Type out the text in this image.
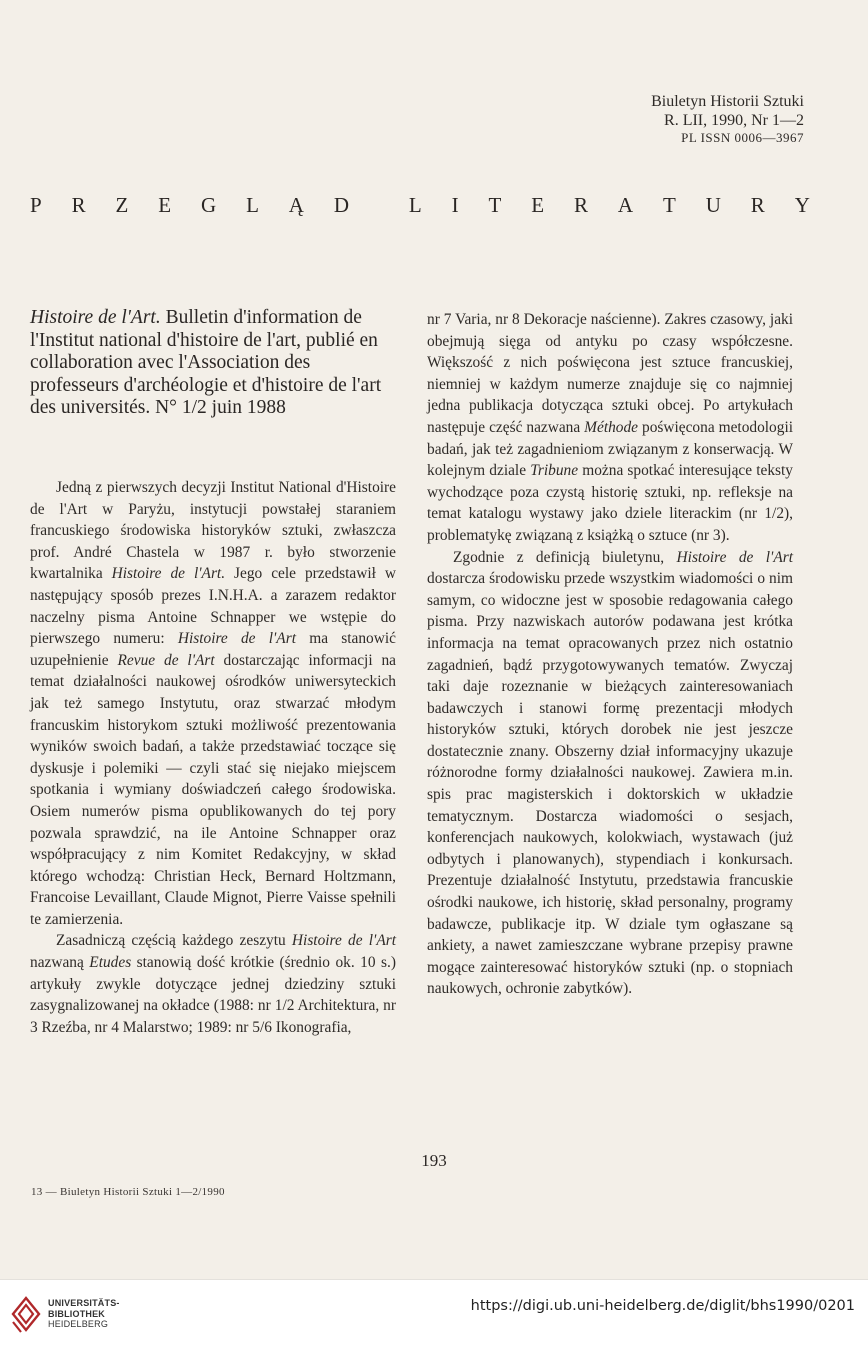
Biuletyn Historii Sztuki
R. LII, 1990, Nr 1—2
PL ISSN 0006—3967
P R Z E G L Ą D	L I T E R A T U R Y
Histoire de l'Art. Bulletin d'information de l'Institut national d'histoire de l'art, publié en collaboration avec l'Association des professeurs d'archéologie et d'histoire de l'art des universités. N° 1/2 juin 1988

Jedną z pierwszych decyzji Institut National d'Histoire de l'Art w Paryżu, instytucji powstałej staraniem francuskiego środowiska historyków sztuki, zwłaszcza prof. André Chastela w 1987 r. było stworzenie kwartalnika Histoire de l'Art. Jego cele przedstawił w następujący sposób prezes I.N.H.A. a zarazem redaktor naczelny pisma Antoine Schnapper we wstępie do pierwszego numeru: Histoire de l'Art ma stanowić uzupełnienie Revue de l'Art dostarczając informacji na temat działalności naukowej ośrodków uniwersyteckich jak też samego Instytutu, oraz stwarzać młodym francuskim historykom sztuki możliwość prezentowania wyników swoich badań, a także przedstawiać toczące się dyskusje i polemiki — czyli stać się niejako miejscem spotkania i wymiany doświadczeń całego środowiska. Osiem numerów pisma opublikowanych do tej pory pozwala sprawdzić, na ile Antoine Schnapper oraz współpracujący z nim Komitet Redakcyjny, w skład którego wchodzą: Christian Heck, Bernard Holtzmann, Francoise Levaillant, Claude Mignot, Pierre Vaisse spełnili te zamierzenia.

Zasadniczą częścią każdego zeszytu Histoire de l'Art nazwaną Etudes stanowią dość krótkie (średnio ok. 10 s.) artykuły zwykle dotyczące jednej dziedziny sztuki zasygnalizowanej na okładce (1988: nr 1/2 Architektura, nr 3 Rzeźba, nr 4 Malarstwo; 1989: nr 5/6 Ikonografia,

nr 7 Varia, nr 8 Dekoracje naścienne). Zakres czasowy, jaki obejmują sięga od antyku po czasy współczesne. Większość z nich poświęcona jest sztuce francuskiej, niemniej w każdym numerze znajduje się co najmniej jedna publikacja dotycząca sztuki obcej. Po artykułach następuje część nazwana Méthode poświęcona metodologii badań, jak też zagadnieniom związanym z konserwacją. W kolejnym dziale Tribune można spotkać interesujące teksty wychodzące poza czystą historię sztuki, np. refleksje na temat katalogu wystawy jako dziele literackim (nr 1/2), problematykę związaną z książką o sztuce (nr 3).

Zgodnie z definicją biuletynu, Histoire de l'Art dostarcza środowisku przede wszystkim wiadomości o nim samym, co widoczne jest w sposobie redagowania całego pisma. Przy nazwiskach autorów podawana jest krótka informacja na temat opracowanych przez nich ostatnio zagadnień, bądź przygotowywanych tematów. Zwyczaj taki daje rozeznanie w bieżących zainteresowaniach badawczych i stanowi formę prezentacji młodych historyków sztuki, których dorobek nie jest jeszcze dostatecznie znany. Obszerny dział informacyjny ukazuje różnorodne formy działalności naukowej. Zawiera m.in. spis prac magisterskich i doktorskich w układzie tematycznym. Dostarcza wiadomości o sesjach, konferencjach naukowych, kolokwiach, wystawach (już odbytych i planowanych), stypendiach i konkursach. Prezentuje działalność Instytutu, przedstawia francuskie ośrodki naukowe, ich historię, skład personalny, programy badawcze, publikacje itp. W dziale tym ogłaszane są ankiety, a nawet zamieszczane wybrane przepisy prawne mogące zainteresować historyków sztuki (np. o stopniach naukowych, ochronie zabytków).

193
13 — Biuletyn Historii Sztuki 1—2/1990
UNIVERSITÄTS-
BIBLIOTHEK
HEIDELBERG
https://digi.ub.uni-heidelberg.de/diglit/bhs1990/0201
